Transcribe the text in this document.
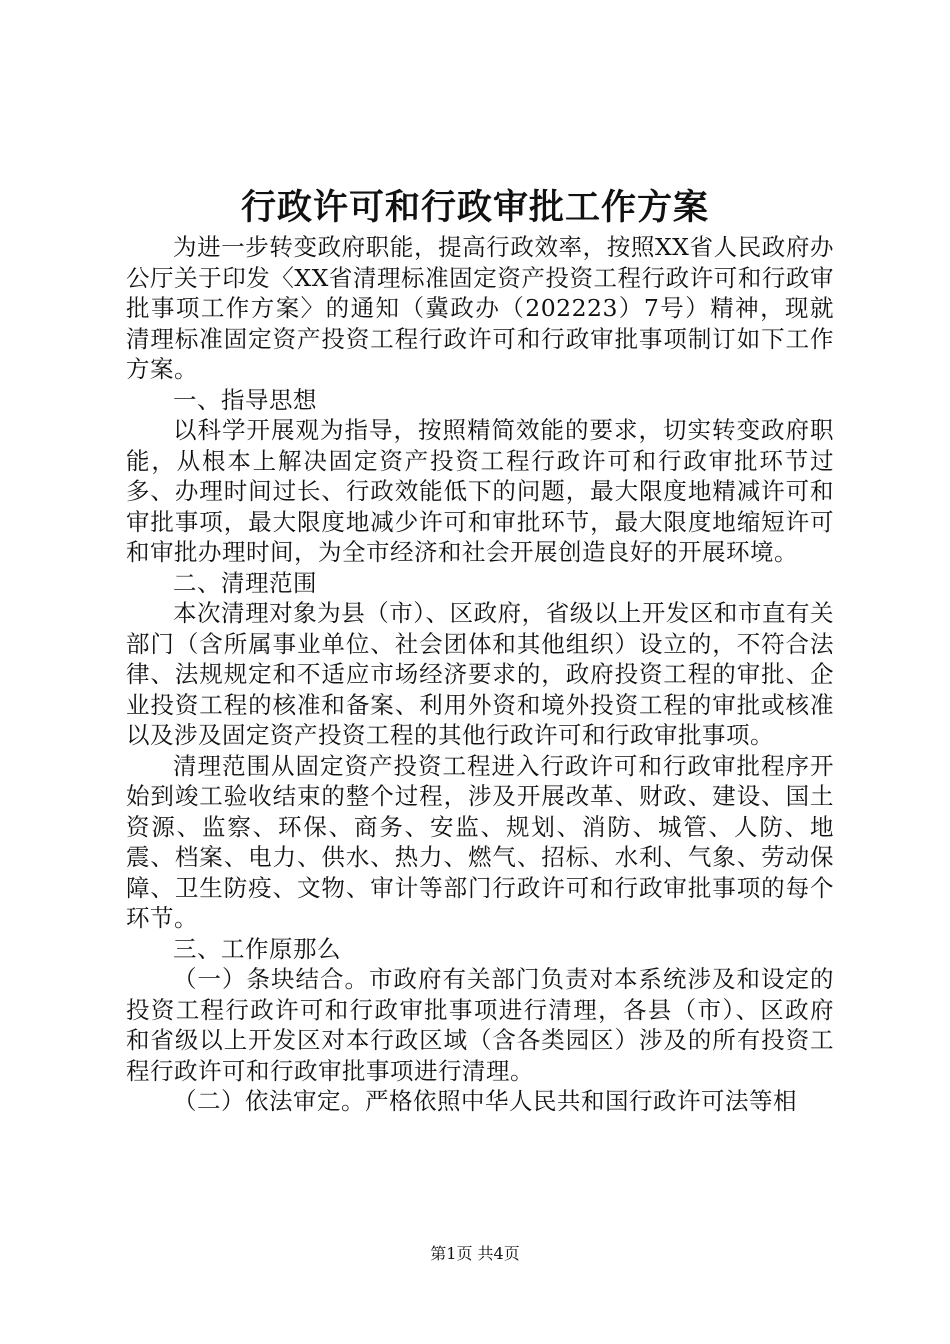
行政许可和行政审批工作方案

为进一步转变政府职能，提高行政效率，按照XX省人民政府办公厅关于印发〈XX省清理标准固定资产投资工程行政许可和行政审批事项工作方案〉的通知（冀政办（202223）7号）精神，现就清理标准固定资产投资工程行政许可和行政审批事项制订如下工作方案。

一、指导思想

以科学开展观为指导，按照精简效能的要求，切实转变政府职能，从根本上解决固定资产投资工程行政许可和行政审批环节过多、办理时间过长、行政效能低下的问题，最大限度地精减许可和审批事项，最大限度地减少许可和审批环节，最大限度地缩短许可和审批办理时间，为全市经济和社会开展创造良好的开展环境。

二、清理范围

本次清理对象为县（市）、区政府，省级以上开发区和市直有关部门（含所属事业单位、社会团体和其他组织）设立的，不符合法律、法规规定和不适应市场经济要求的，政府投资工程的审批、企业投资工程的核准和备案、利用外资和境外投资工程的审批或核准以及涉及固定资产投资工程的其他行政许可和行政审批事项。

清理范围从固定资产投资工程进入行政许可和行政审批程序开始到竣工验收结束的整个过程，涉及开展改革、财政、建设、国土资源、监察、环保、商务、安监、规划、消防、城管、人防、地震、档案、电力、供水、热力、燃气、招标、水利、气象、劳动保障、卫生防疫、文物、审计等部门行政许可和行政审批事项的每个环节。

三、工作原那么

（一）条块结合。市政府有关部门负责对本系统涉及和设定的投资工程行政许可和行政审批事项进行清理，各县（市）、区政府和省级以上开发区对本行政区域（含各类园区）涉及的所有投资工程行政许可和行政审批事项进行清理。

（二）依法审定。严格依照中华人民共和国行政许可法等相

第1页 共4页
